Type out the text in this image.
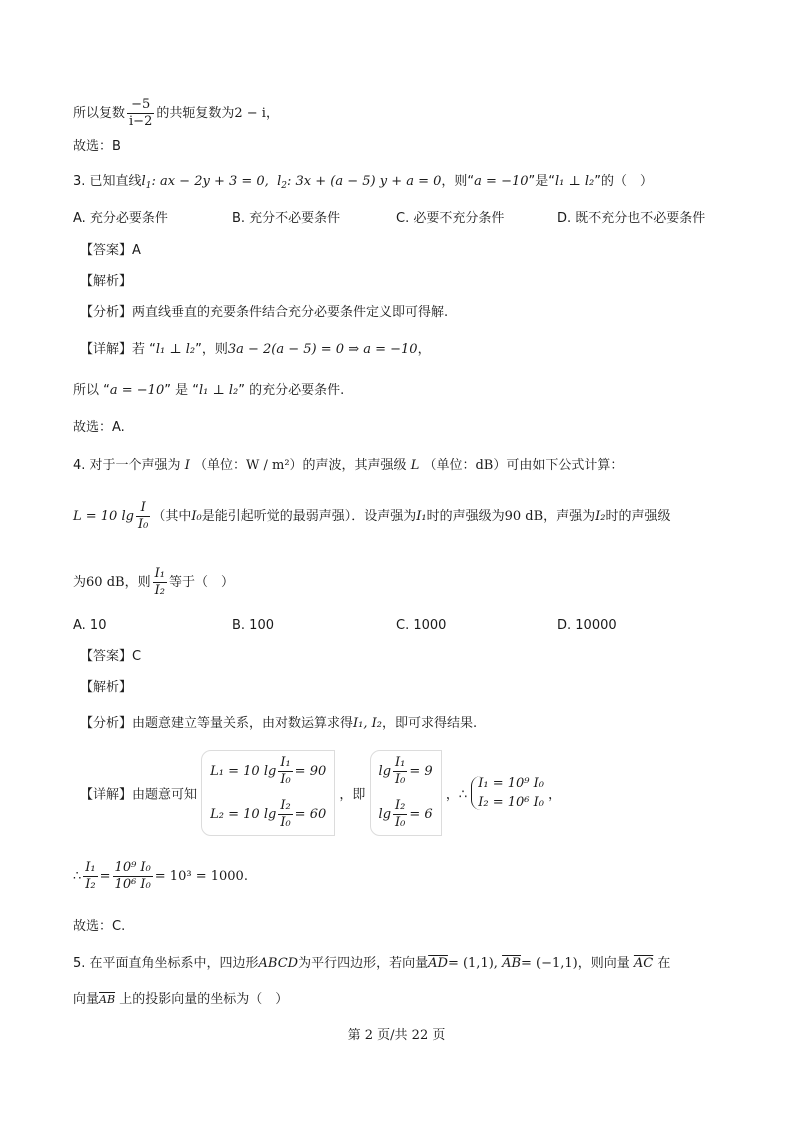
所以复数 $\frac{-5}{i-2}$ 的共轭复数为2 − i，
故选：B
3. 已知直线$l_1$: ax − 2y + 3 = 0, $l_2$: 3x + (a − 5) y + a = 0，则“a = −10”是“l₁ ⊥ l₂”的（　）
A. 充分必要条件	B. 充分不必要条件	C. 必要不充分条件	D. 既不充分也不必要条件
【答案】A
【解析】
【分析】两直线垂直的充要条件结合充分必要条件定义即可得解.
【详解】若 “l₁ ⊥ l₂”，则3a − 2(a − 5) = 0 ⇒ a = −10，
所以 “a = −10” 是 “l₁ ⊥ l₂” 的充分必要条件.
故选：A.
4. 对于一个声强为 I （单位：W / m²）的声波，其声强级 L （单位：dB）可由如下公式计算：
L = 10 $\lg \frac{I}{\text{I₀}}$ （其中I₀是能引起听觉的最弱声强）．设声强为I₁时的声强级为90 dB，声强为I₂时的声强级
为60 dB，则 $\frac{\text{I₁}}{\text{I₂}}$ 等于（　）
A. 10	B. 100	C. 1000	D. 10000
【答案】C
【解析】
【分析】由题意建立等量关系，由对数运算求得I₁, I₂，即可求得结果.
【详解】由题意可知
L₁ = 10 $\lg \frac{\text{I₁}}{\text{I₀}} = 90$
L₂ = 10 $\lg \frac{\text{I₂}}{\text{I₀}} = 60$
，即
$\lg \frac{\text{I₁}}{\text{I₀}} = 9$
$\lg \frac{\text{I₂}}{\text{I₀}} = 6$
，∴
I₁ = 10⁹ I₀
I₂ = 10⁶ I₀ ，
∴ $\frac{\text{I₁}}{\text{I₂}} = \frac{\text{10⁹ I₀}}{\text{10⁶ I₀}} = 10^3 = 1000$.
故选：C.
5. 在平面直角坐标系中，四边形ABCD为平行四边形，若向量$\overline{AD}= (1,1)$, $\overline{AB}= (-1,1)$，则向量 $\overline{AC}$ 在
向量$\overline{AB}$ 上的投影向量的坐标为（　）
第 2 页/共 22 页
